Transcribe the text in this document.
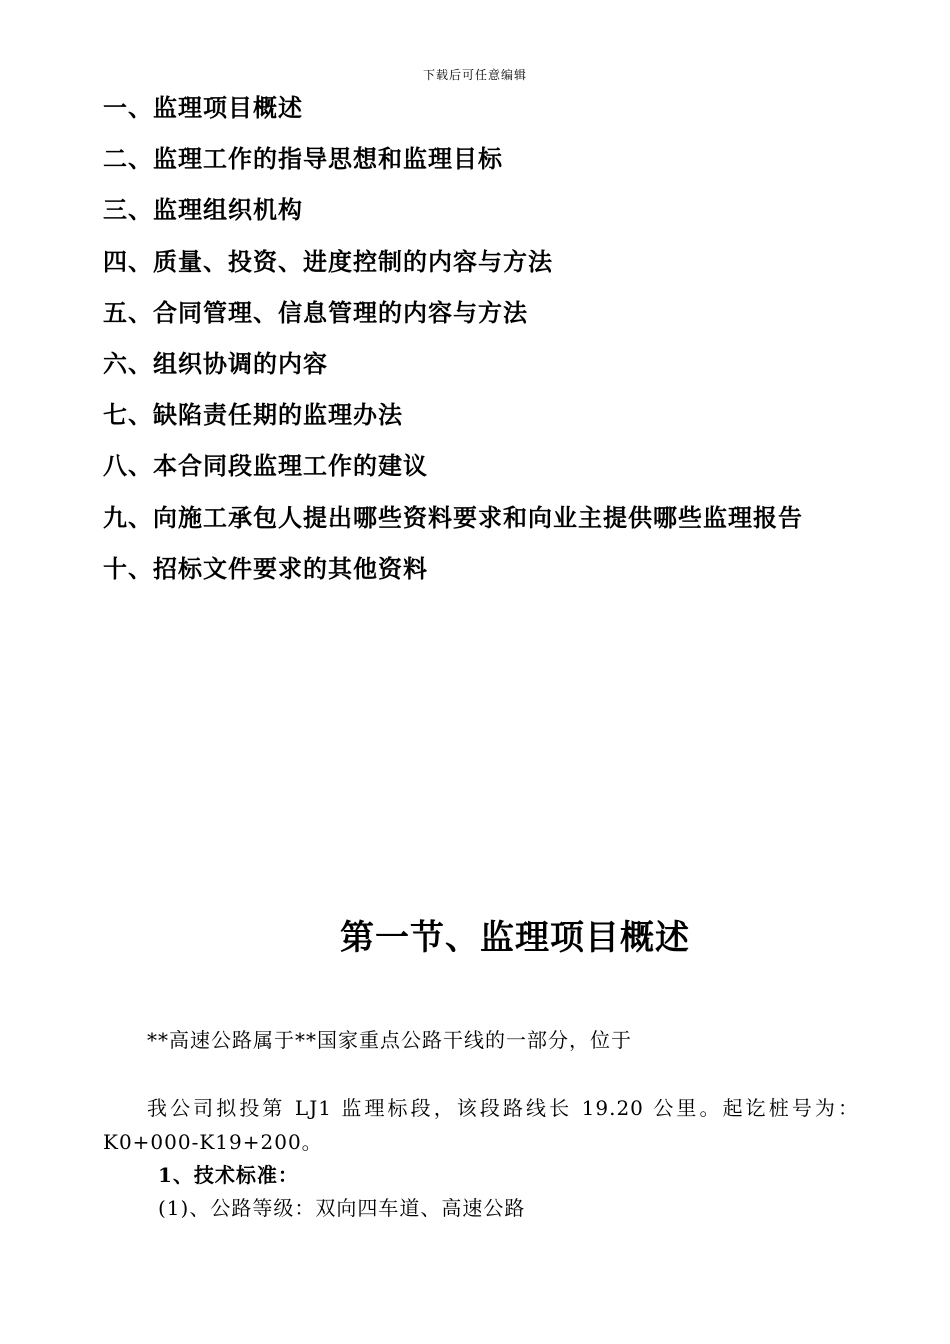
下载后可任意编辑
一、监理项目概述
二、监理工作的指导思想和监理目标
三、监理组织机构
四、质量、投资、进度控制的内容与方法
五、合同管理、信息管理的内容与方法
六、组织协调的内容
七、缺陷责任期的监理办法
八、本合同段监理工作的建议
九、向施工承包人提出哪些资料要求和向业主提供哪些监理报告
十、招标文件要求的其他资料
第一节、监理项目概述
**高速公路属于**国家重点公路干线的一部分，位于
我公司拟投第 LJ1 监理标段，该段路线长 19.20 公里。起讫桩号为：
K0+000-K19+200。
1、技术标准：
(1)、公路等级：双向四车道、高速公路
